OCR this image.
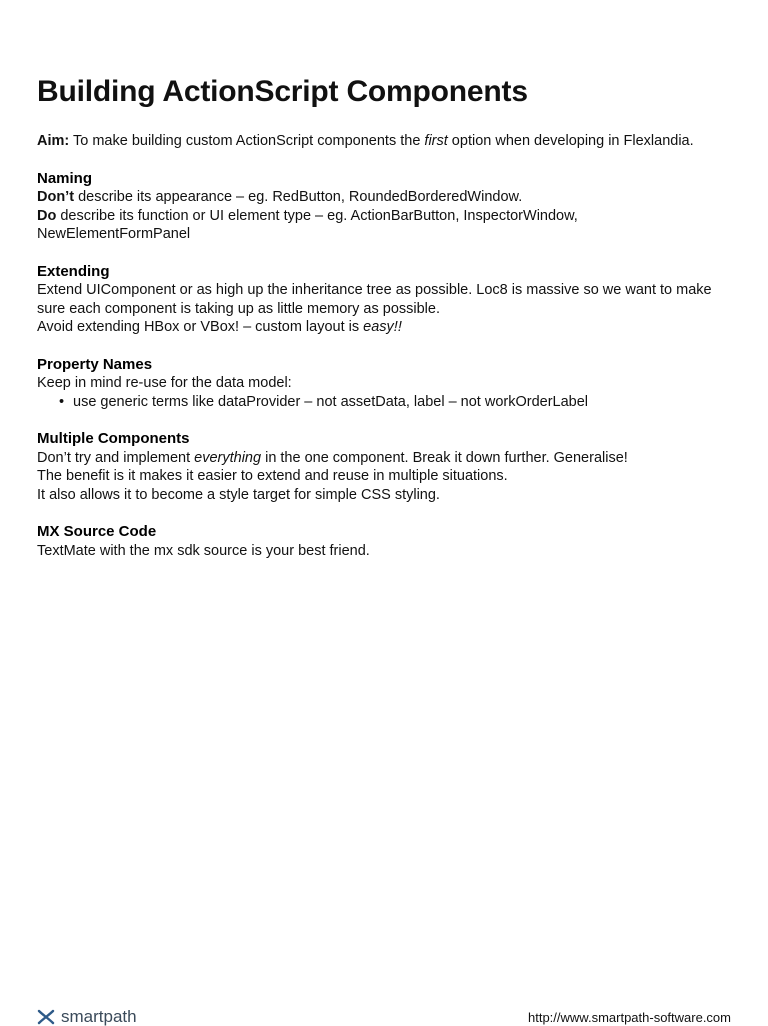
Building ActionScript Components

Aim: To make building custom ActionScript components the first option when developing in Flexlandia.

Naming

Don’t describe its appearance – eg. RedButton, RoundedBorderedWindow.

Do describe its function or UI element type – eg. ActionBarButton, InspectorWindow, NewElementFormPanel

Extending

Extend UIComponent or as high up the inheritance tree as possible. Loc8 is massive so we want to make sure each component is taking up as little memory as possible.

Avoid extending HBox or VBox! – custom layout is easy!!

Property Names

Keep in mind re-use for the data model:

• use generic terms like dataProvider – not assetData, label – not workOrderLabel
Multiple Components

Don’t try and implement everything in the one component. Break it down further. Generalise!

The benefit is it makes it easier to extend and reuse in multiple situations.

It also allows it to become a style target for simple CSS styling.

MX Source Code

TextMate with the mx sdk source is your best friend.

smartpath	http://www.smartpath-software.com
